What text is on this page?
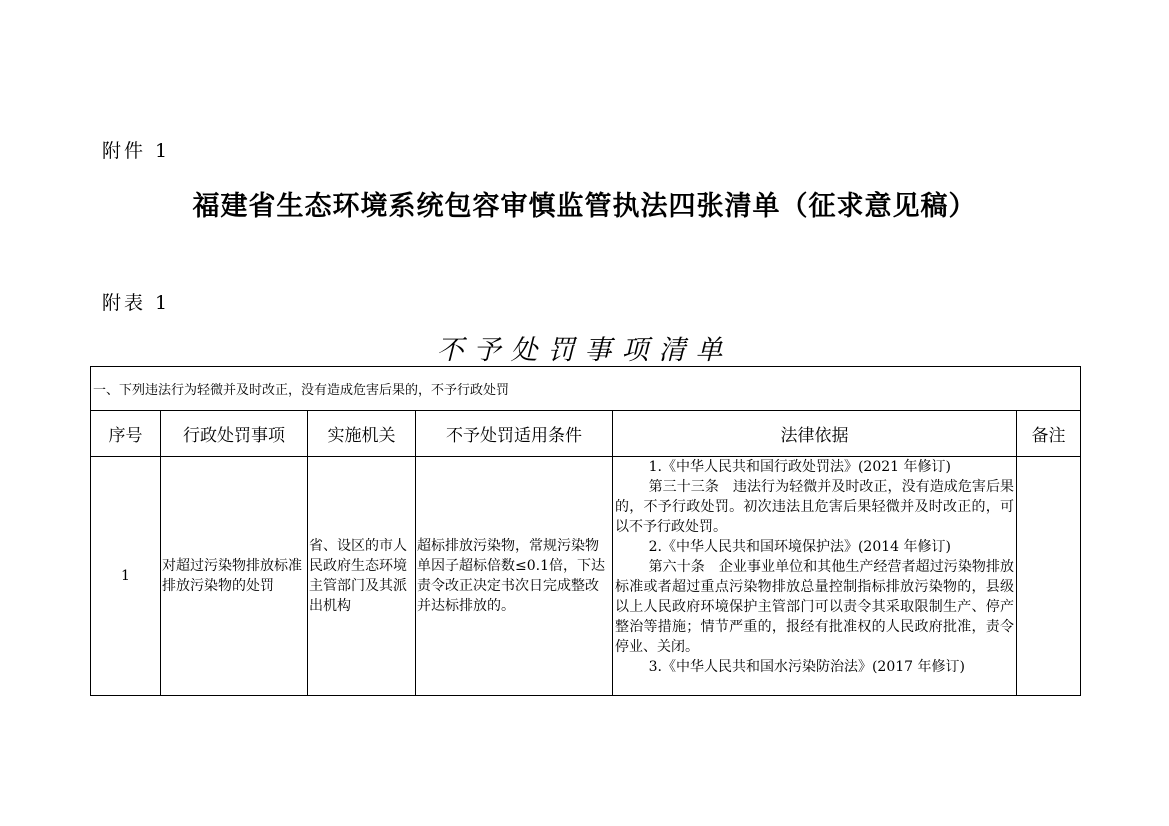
附件 1
福建省生态环境系统包容审慎监管执法四张清单（征求意见稿）
附表 1
不予处罚事项清单
一、下列违法行为轻微并及时改正，没有造成危害后果的，不予行政处罚					
序号	行政处罚事项	实施机关	不予处罚适用条件	法律依据	备注
1	对超过污染物排放标准排放污染物的处罚	省、设区的市人民政府生态环境主管部门及其派出机构	超标排放污染物，常规污染物单因子超标倍数≤0.1倍，下达责令改正决定书次日完成整改并达标排放的。	1.《中华人民共和国行政处罚法》(2021 年修订)

第三十三条　违法行为轻微并及时改正，没有造成危害后果的，不予行政处罚。初次违法且危害后果轻微并及时改正的，可以不予行政处罚。

2.《中华人民共和国环境保护法》(2014 年修订)

第六十条　企业事业单位和其他生产经营者超过污染物排放标准或者超过重点污染物排放总量控制指标排放污染物的，县级以上人民政府环境保护主管部门可以责令其采取限制生产、停产整治等措施；情节严重的，报经有批准权的人民政府批准，责令停业、关闭。

3.《中华人民共和国水污染防治法》(2017 年修订)	
